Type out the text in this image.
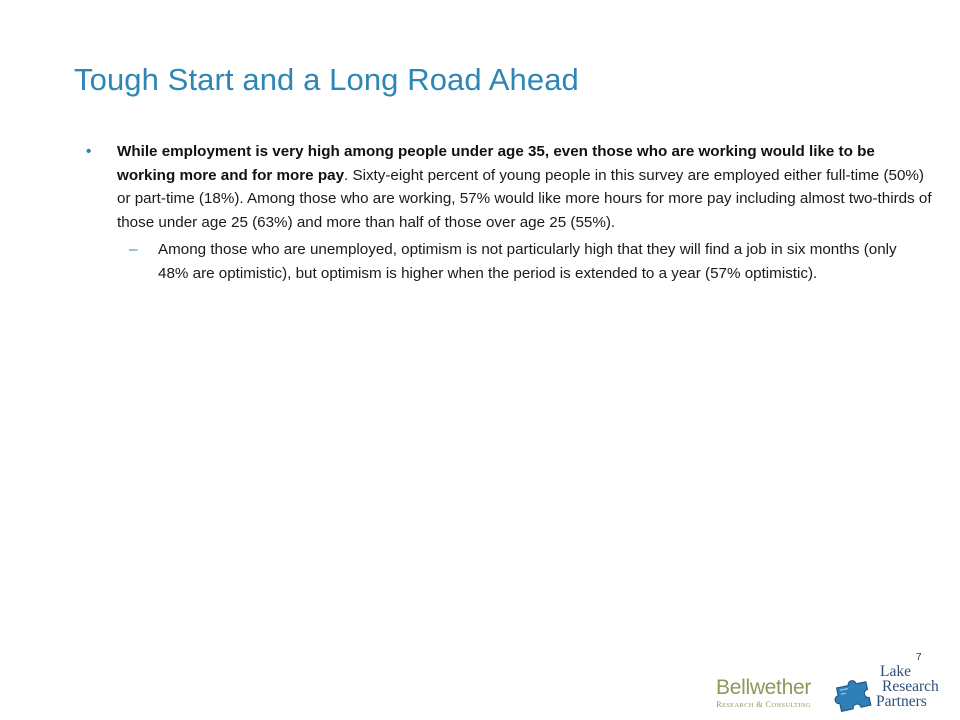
Tough Start and a Long Road Ahead
• While employment is very high among people under age 35, even those who are working would like to be working more and for more pay. Sixty-eight percent of young people in this survey are employed either full-time (50%) or part-time (18%). Among those who are working, 57% would like more hours for more pay including almost two-thirds of those under age 25 (63%) and more than half of those over age 25 (55%).
– Among those who are unemployed, optimism is not particularly high that they will find a job in six months (only 48% are optimistic), but optimism is higher when the period is extended to a year (57% optimistic).
7
Bellwether
RESEARCH & CONSULTING
Lake
Research
Partners
